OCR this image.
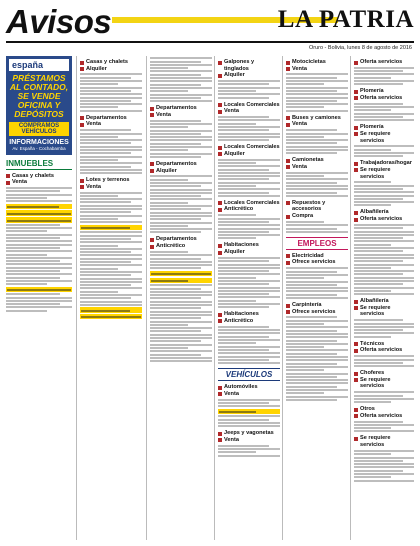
Avisos	LA PATRIA
Oruro - Bolivia, lunes 8 de agosto de 2016
españa
PRÉSTAMOS AL CONTADO, SE VENDE OFICINA Y DEPÓSITOS
COMPRAMOS VEHÍCULOS
INFORMACIONES
Av. España - Cochabamba
INMUEBLES
Casas y chalets
Venta
Casas y chalets
Alquiler
Departamentos
Venta
Lotes y terrenos
Venta
Departamentos
Venta
Departamentos
Alquiler
Departamentos
Anticrético
Galpones y tinglados
Alquiler
Locales Comerciales
Venta
Locales Comerciales
Alquiler
Locales Comerciales
Anticrético
Habitaciones
Alquiler
Habitaciones
Anticrético
VEHÍCULOS
Automóviles
Venta
Jeeps y vagonetas
Venta
Motocicletas
Venta
Buses y camiones
Venta
Camionetas
Venta
Repuestos y accesorios
Compra
EMPLEOS
Electricidad
Ofrece servicios
Carpintería
Ofrece servicios
Oferta servicios
Plomería
Oferta servicios
Plomería
Se requiere servicios
Trabajadoras/hogar
Se requiere servicios
Albañilería
Oferta servicios
Albañilería
Se requiere servicios
Técnicos
Oferta servicios
Choferes
Se requiere servicios
Otros
Oferta servicios
Se requiere servicios
